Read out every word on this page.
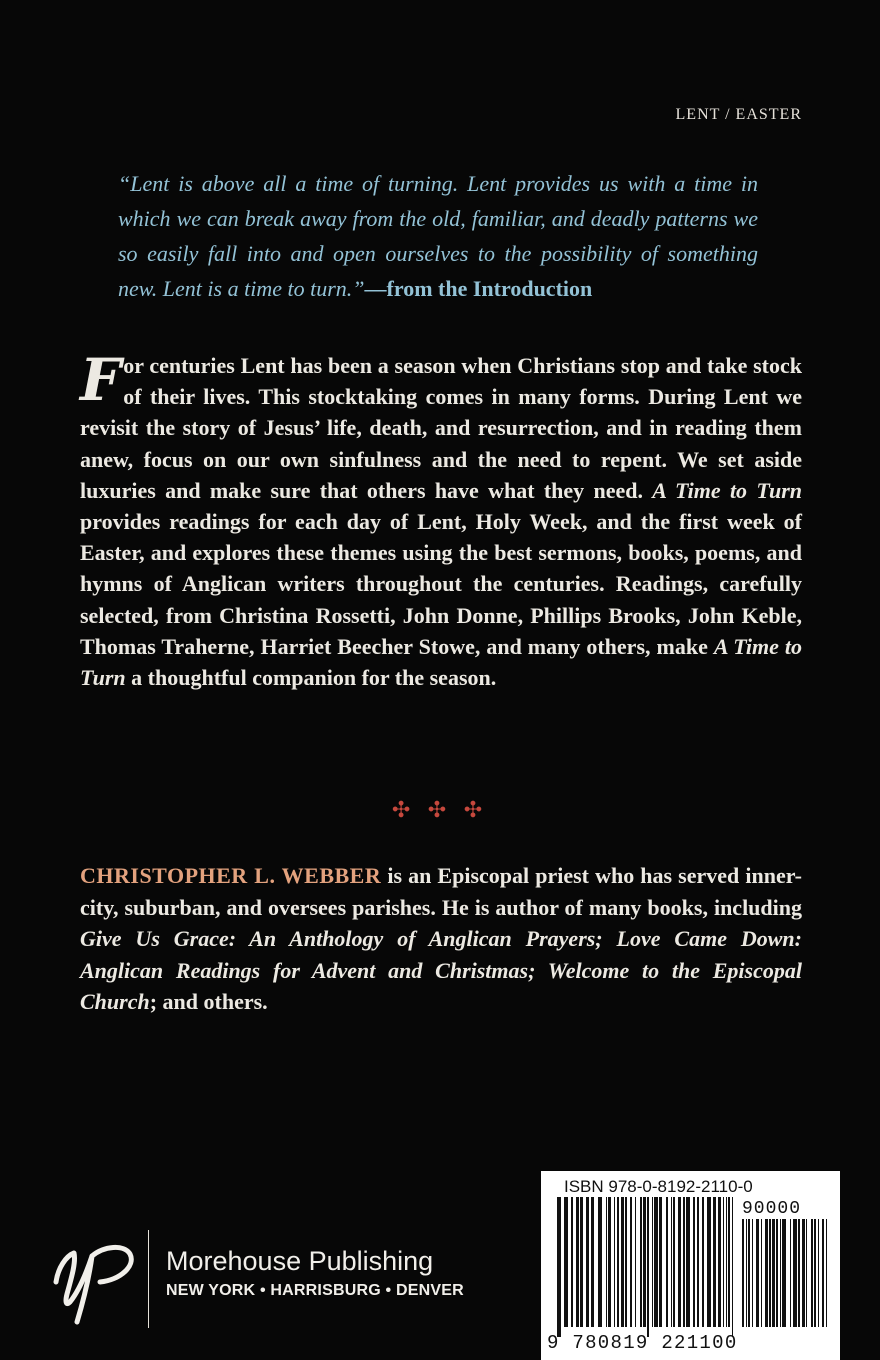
LENT / EASTER
“Lent is above all a time of turning. Lent provides us with a time in which we can break away from the old, familiar, and deadly patterns we so easily fall into and open ourselves to the possibility of something new. Lent is a time to turn.”—from the Introduction
For centuries Lent has been a season when Christians stop and take stock of their lives. This stocktaking comes in many forms. During Lent we revisit the story of Jesus’ life, death, and resurrection, and in reading them anew, focus on our own sinfulness and the need to repent. We set aside luxuries and make sure that others have what they need. A Time to Turn provides readings for each day of Lent, Holy Week, and the first week of Easter, and explores these themes using the best sermons, books, poems, and hymns of Anglican writers throughout the centuries. Readings, carefully selected, from Christina Rossetti, John Donne, Phillips Brooks, John Keble, Thomas Traherne, Harriet Beecher Stowe, and many others, make A Time to Turn a thoughtful companion for the season.
✣ ✣ ✣
CHRISTOPHER L. WEBBER is an Episcopal priest who has served inner-city, suburban, and oversees parishes. He is author of many books, including Give Us Grace: An Anthology of Anglican Prayers; Love Came Down: Anglican Readings for Advent and Christmas; Welcome to the Episcopal Church; and others.
Morehouse Publishing
NEW YORK • HARRISBURG • DENVER
ISBN 978-0-8192-2110-0
90000
9 780819 221100
